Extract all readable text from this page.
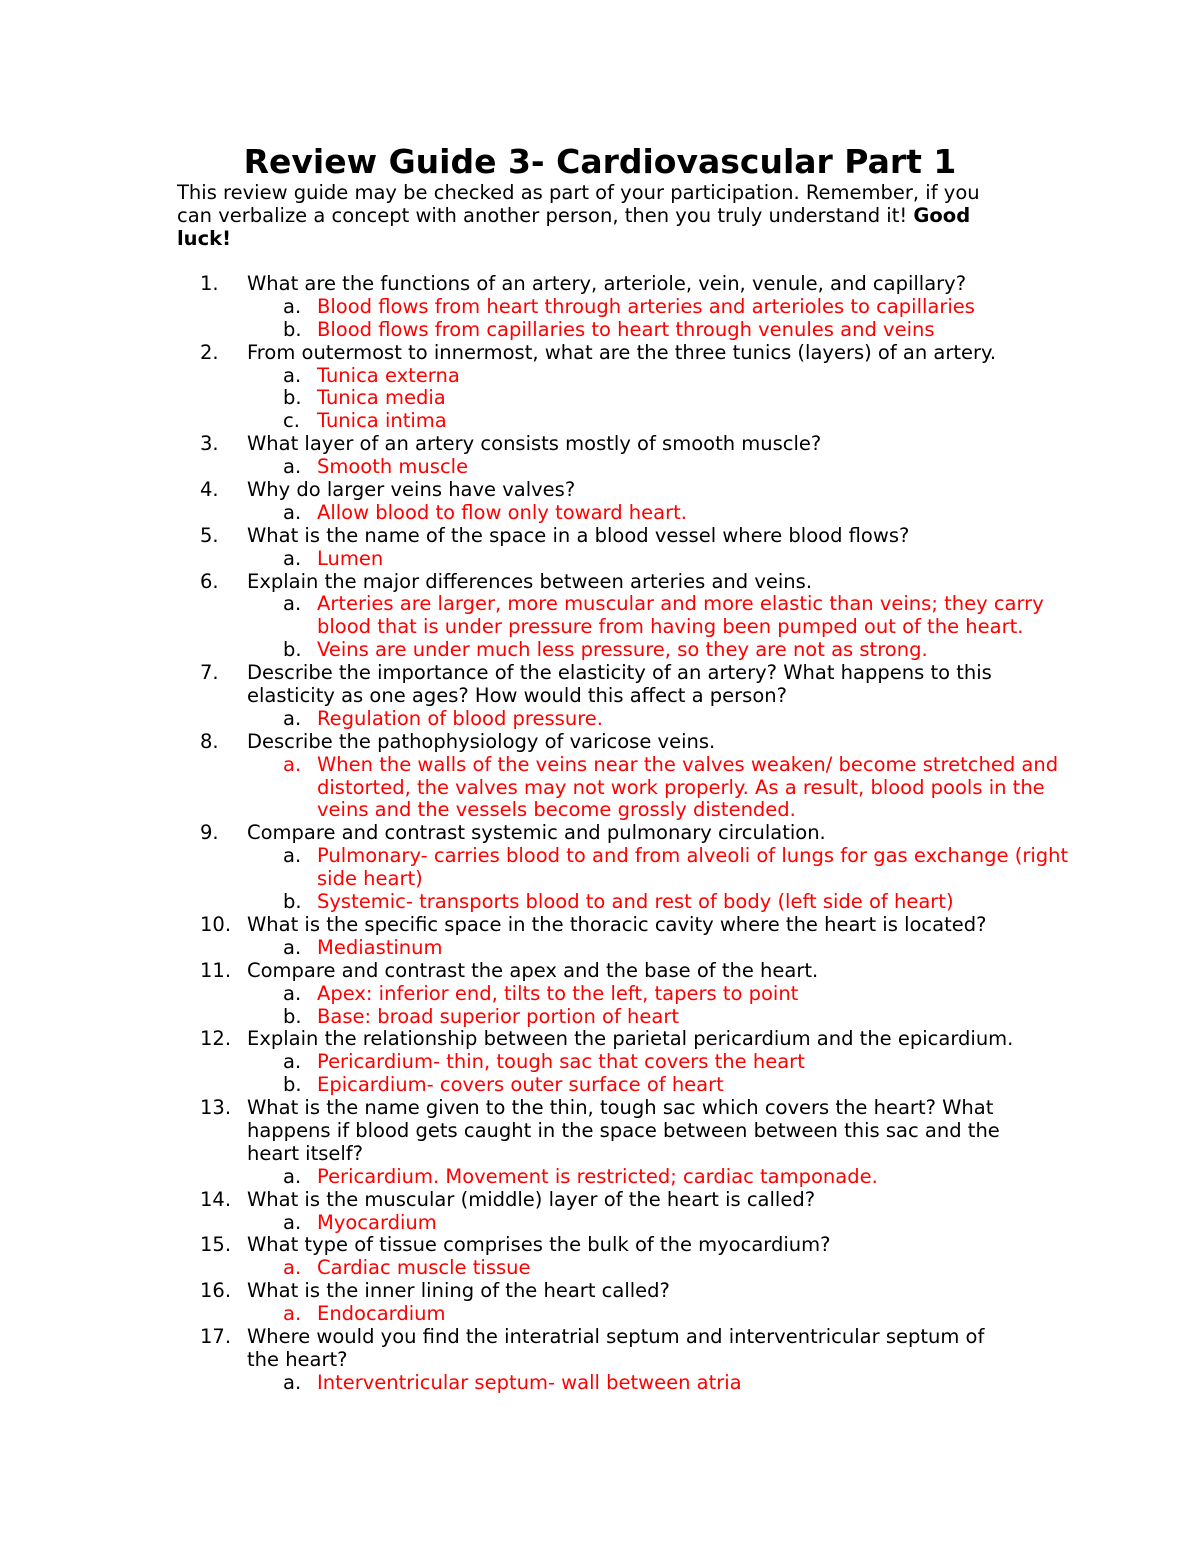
Review Guide 3- Cardiovascular Part 1
This review guide may be checked as part of your participation. Remember, if you
can verbalize a concept with another person, then you truly understand it! Good
luck!
1.	What are the functions of an artery, arteriole, vein, venule, and capillary?
a. Blood flows from heart through arteries and arterioles to capillaries
b. Blood flows from capillaries to heart through venules and veins
2.	From outermost to innermost, what are the three tunics (layers) of an artery.
a. Tunica externa
b. Tunica media
c. Tunica intima
3.	What layer of an artery consists mostly of smooth muscle?
a. Smooth muscle
4.	Why do larger veins have valves?
a. Allow blood to flow only toward heart.
5.	What is the name of the space in a blood vessel where blood flows?
a. Lumen
6.	Explain the major differences between arteries and veins.
a. Arteries are larger, more muscular and more elastic than veins; they carry
blood that is under pressure from having been pumped out of the heart.
b. Veins are under much less pressure, so they are not as strong.
7.	Describe the importance of the elasticity of an artery? What happens to this
elasticity as one ages? How would this affect a person?
a. Regulation of blood pressure.
8.	Describe the pathophysiology of varicose veins.
a. When the walls of the veins near the valves weaken/ become stretched and
distorted, the valves may not work properly. As a result, blood pools in the
veins and the vessels become grossly distended.
9.	Compare and contrast systemic and pulmonary circulation.
a. Pulmonary- carries blood to and from alveoli of lungs for gas exchange (right
side heart)
b. Systemic- transports blood to and rest of body (left side of heart)
10. What is the specific space in the thoracic cavity where the heart is located?
a. Mediastinum
11. Compare and contrast the apex and the base of the heart.
a. Apex: inferior end, tilts to the left, tapers to point
b. Base: broad superior portion of heart
12. Explain the relationship between the parietal pericardium and the epicardium.
a. Pericardium- thin, tough sac that covers the heart
b. Epicardium- covers outer surface of heart
13. What is the name given to the thin, tough sac which covers the heart? What
happens if blood gets caught in the space between between this sac and the
heart itself?
a. Pericardium. Movement is restricted; cardiac tamponade.
14. What is the muscular (middle) layer of the heart is called?
a. Myocardium
15. What type of tissue comprises the bulk of the myocardium?
a. Cardiac muscle tissue
16. What is the inner lining of the heart called?
a. Endocardium
17. Where would you find the interatrial septum and interventricular septum of
the heart?
a. Interventricular septum- wall between atria
